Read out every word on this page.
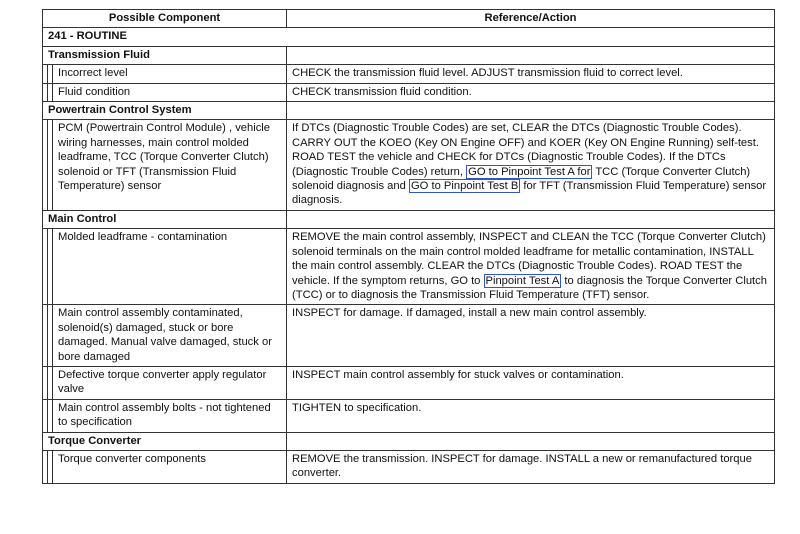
Possible Component			Reference/Action
241 - ROUTINE			
Transmission Fluid			
		Incorrect level	CHECK the transmission fluid level. ADJUST transmission fluid to correct level.
		Fluid condition	CHECK transmission fluid condition.
Powertrain Control System			
		PCM (Powertrain Control Module) , vehicle wiring harnesses, main control molded leadframe, TCC (Torque Converter Clutch) solenoid or TFT (Transmission Fluid Temperature) sensor	If DTCs (Diagnostic Trouble Codes) are set, CLEAR the DTCs (Diagnostic Trouble Codes). CARRY OUT the KOEO (Key ON Engine OFF) and KOER (Key ON Engine Running) self-test. ROAD TEST the vehicle and CHECK for DTCs (Diagnostic Trouble Codes). If the DTCs (Diagnostic Trouble Codes) return, GO to Pinpoint Test A for TCC (Torque Converter Clutch) solenoid diagnosis and GO to Pinpoint Test B for TFT (Transmission Fluid Temperature) sensor diagnosis.
Main Control			
		Molded leadframe - contamination	REMOVE the main control assembly, INSPECT and CLEAN the TCC (Torque Converter Clutch) solenoid terminals on the main control molded leadframe for metallic contamination, INSTALL the main control assembly. CLEAR the DTCs (Diagnostic Trouble Codes). ROAD TEST the vehicle. If the symptom returns, GO to Pinpoint Test A to diagnosis the Torque Converter Clutch (TCC) or to diagnosis the Transmission Fluid Temperature (TFT) sensor.
		Main control assembly contaminated, solenoid(s) damaged, stuck or bore damaged. Manual valve damaged, stuck or bore damaged	INSPECT for damage. If damaged, install a new main control assembly.
		Defective torque converter apply regulator valve	INSPECT main control assembly for stuck valves or contamination.
		Main control assembly bolts - not tightened to specification	TIGHTEN to specification.
Torque Converter			
		Torque converter components	REMOVE the transmission. INSPECT for damage. INSTALL a new or remanufactured torque converter.
